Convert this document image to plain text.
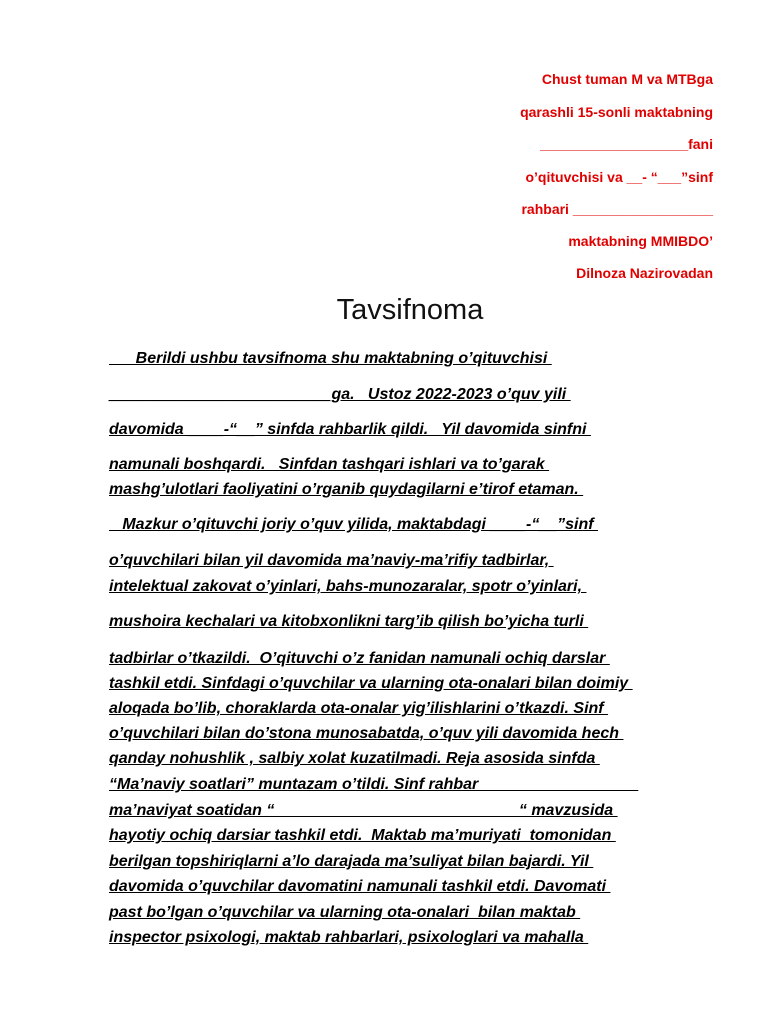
Chust tuman M va MTBga
qarashli 15-sonli maktabning
___________________fani
o’qituvchisi va __- “___”sinf
rahbari __________________
maktabning MMIBDO’
Dilnoza Nazirovadan
Tavsifnoma
Berildi ushbu tavsifnoma shu maktabning o’qituvchisi
_________________________ga.   Ustoz 2022-2023 o’quv yili
davomida ____-“__” sinfda rahbarlik qildi.   Yil davomida sinfni
namunali boshqardi.   Sinfdan tashqari ishlari va to’garak
mashg’ulotlari faoliyatini o’rganib quydagilarni e’tirof etaman.
Mazkur o’qituvchi joriy o’quv yilida, maktabdagi ____-“__”sinf
o’quvchilari bilan yil davomida ma’naviy-ma’rifiy tadbirlar,
intelektual zakovat o’yinlari, bahs-munozaralar, spotr o’yinlari,
mushoira kechalari va kitobxonlikni targ’ib qilish bo’yicha turli
tadbirlar o’tkazildi.  O’qituvchi o’z fanidan namunali ochiq darslar
tashkil etdi. Sinfdagi o’quvchilar va ularning ota-onalari bilan doimiy
aloqada bo’lib, choraklarda ota-onalar yig’ilishlarini o’tkazdi. Sinf
o’quvchilari bilan do’stona munosabatda, o’quv yili davomida hech
qanday nohushlik , salbiy xolat kuzatilmadi. Reja asosida sinfda
“Ma’naviy soatlari” muntazam o’tildi. Sinf rahbar
ma’naviyat soatidan “                                                       “ mavzusida
hayotiy ochiq darsiar tashkil etdi.  Maktab ma’muriyati  tomonidan
berilgan topshiriqlarni a’lo darajada ma’suliyat bilan bajardi. Yil
davomida o’quvchilar davomatini namunali tashkil etdi. Davomati
past bo’lgan o’quvchilar va ularning ota-onalari  bilan maktab
inspector psixologi, maktab rahbarlari, psixologlari va mahalla
